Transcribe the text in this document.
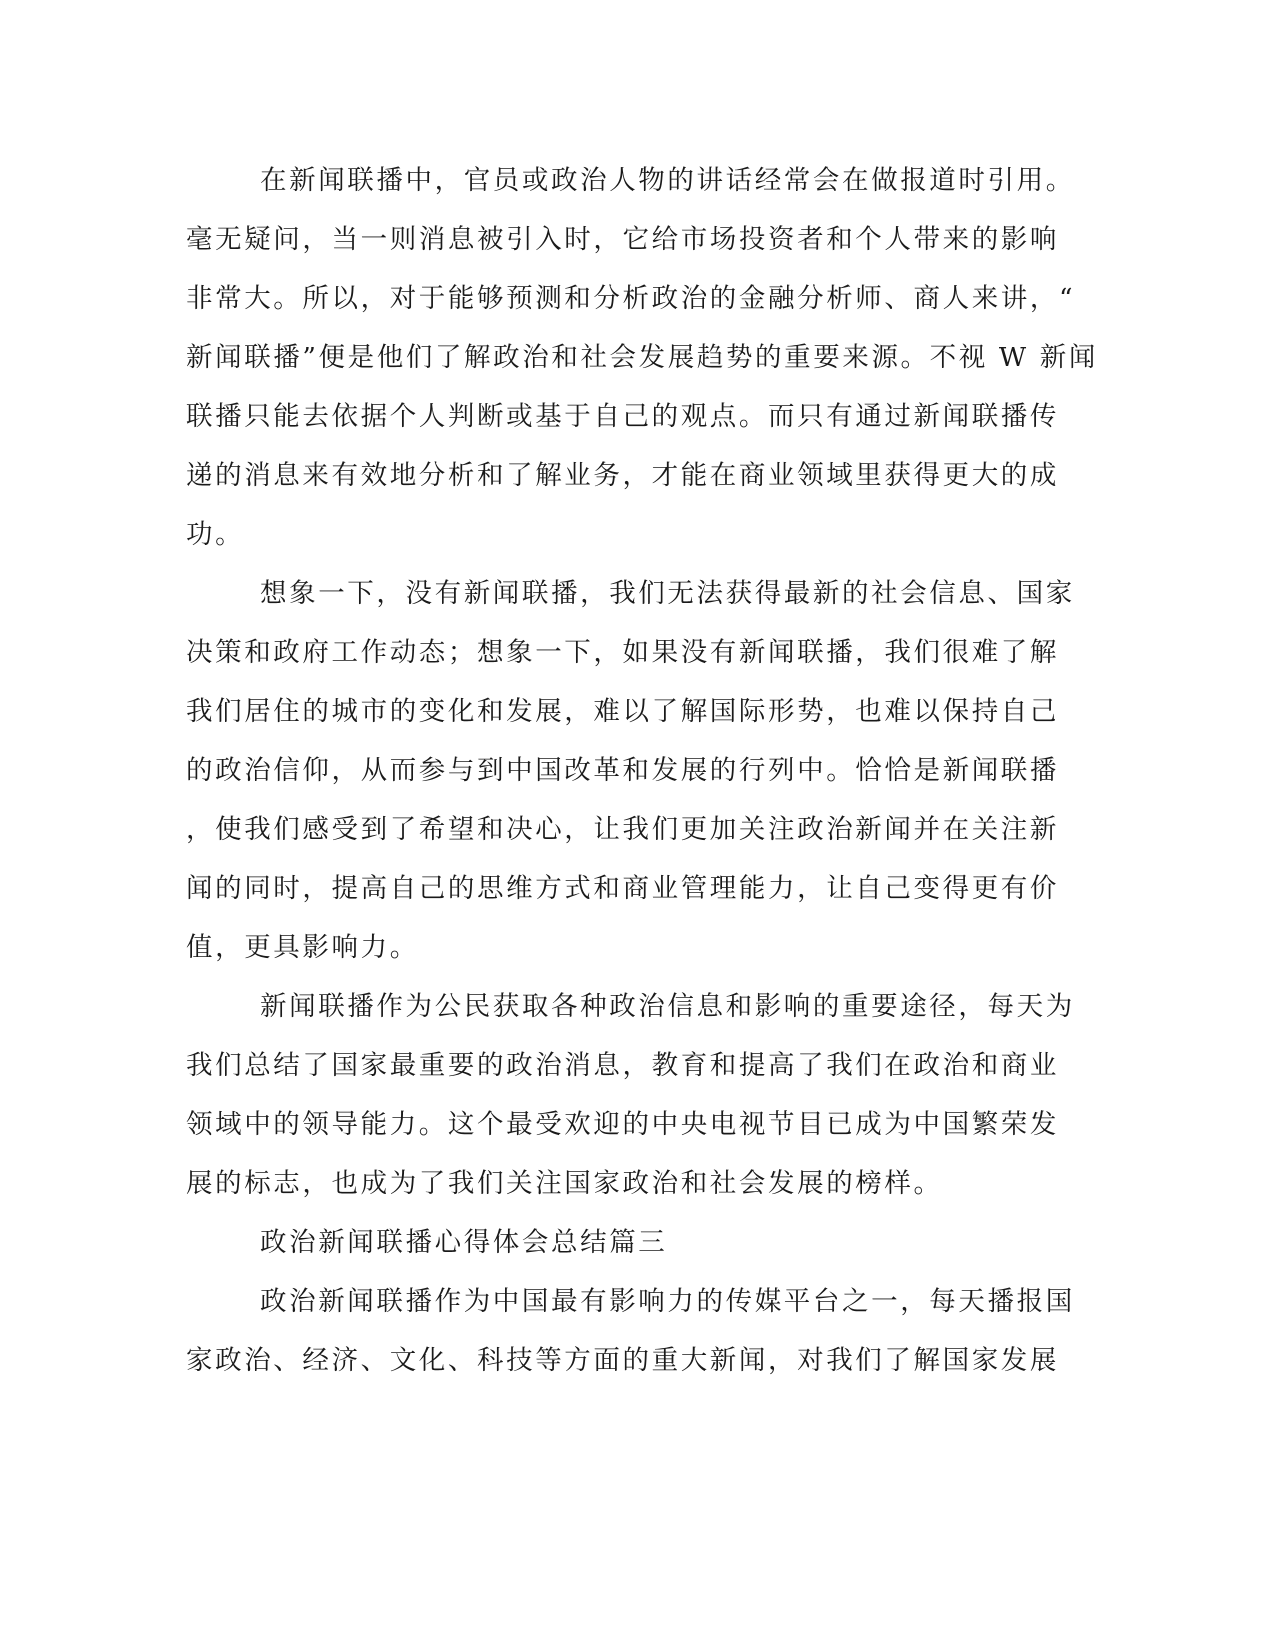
在新闻联播中，官员或政治人物的讲话经常会在做报道时引用。
毫无疑问，当一则消息被引入时，它给市场投资者和个人带来的影响
非常大。所以，对于能够预测和分析政治的金融分析师、商人来讲，“
新闻联播”便是他们了解政治和社会发展趋势的重要来源。不视 W 新闻
联播只能去依据个人判断或基于自己的观点。而只有通过新闻联播传
递的消息来有效地分析和了解业务，才能在商业领域里获得更大的成
功。
想象一下，没有新闻联播，我们无法获得最新的社会信息、国家
决策和政府工作动态；想象一下，如果没有新闻联播，我们很难了解
我们居住的城市的变化和发展，难以了解国际形势，也难以保持自己
的政治信仰，从而参与到中国改革和发展的行列中。恰恰是新闻联播
，使我们感受到了希望和决心，让我们更加关注政治新闻并在关注新
闻的同时，提高自己的思维方式和商业管理能力，让自己变得更有价
值，更具影响力。
新闻联播作为公民获取各种政治信息和影响的重要途径，每天为
我们总结了国家最重要的政治消息，教育和提高了我们在政治和商业
领域中的领导能力。这个最受欢迎的中央电视节目已成为中国繁荣发
展的标志，也成为了我们关注国家政治和社会发展的榜样。
政治新闻联播心得体会总结篇三
政治新闻联播作为中国最有影响力的传媒平台之一，每天播报国
家政治、经济、文化、科技等方面的重大新闻，对我们了解国家发展
